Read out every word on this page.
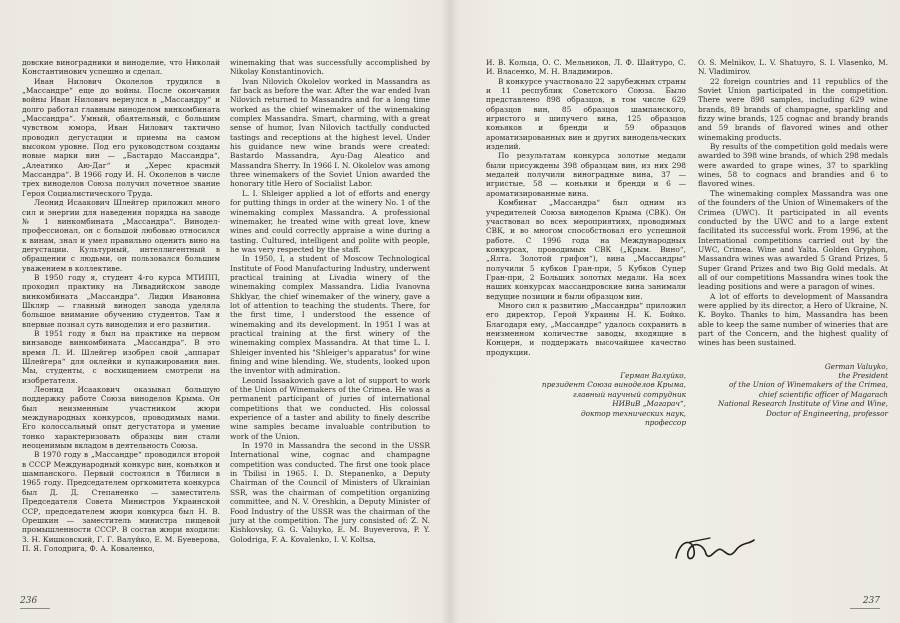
довские виноградники и виноделие, что Николай Константинович успешно и сделал.

Иван Нилович Околелов трудился в „Массандре“ еще до войны. После окончания войны Иван Нилович вернулся в „Массандру“ и долго работал главным виноделом винкомбината „Массандра“. Умный, обаятельный, с большим чувством юмора, Иван Нилович тактично проводил дегустации и приемы на самом высоком уровне. Под его руководством созданы новые марки вин — „Бастардо Массандра“, „Алеатико Аю-Даг“ и „Херес красный Массандра“. В 1966 году И. Н. Околелов в числе трех виноделов Союза получил почетное звание Героя Социалистического Труда.

Леонид Исаакович Шлейгер приложил много сил и энергии для наведения порядка на заводе № 1 винкомбината „Массандра“. Винодел-профессионал, он с большой любовью относился к винам, знал и умел правильно оценить вино на дегустации. Культурный, интеллигентный в обращении с людьми, он пользовался большим уважением в коллективе.

В 1950 году я, студент 4-го курса МТИПП, проходил практику на Ливадийском заводе винкомбината „Массандра“. Лидия Ивановна Шкляр — главный винодел завода уделяла большое внимание обучению студентов. Там я впервые познал суть виноделия и его развития.

В 1951 году я был на практике на первом винзаводе винкомбината „Массандра“. В это время Л. И. Шлейгер изобрел свой „аппарат Шлейгера“ для оклейки и купажирования вин. Мы, студенты, с восхищением смотрели на изобретателя.

Леонид Исаакович оказывал большую поддержку работе Союза виноделов Крыма. Он был неизменным участником жюри международных конкурсов, проводимых нами. Его колоссальный опыт дегустатора и умение тонко характеризовать образцы вин стали неоценимым вкладом в деятельность Союза.

В 1970 году в „Массандре“ проводился второй в СССР Международный конкурс вин, коньяков и шампанского. Первый состоялся в Тбилиси в 1965 году. Председателем оргкомитета конкурса был Д. Д. Степаненко — заместитель Председателя Совета Министров Украинской ССР, председателем жюри конкурса был Н. В. Орешкин — заместитель министра пищевой промышленности СССР. В состав жюри входили: З. Н. Кишковский, Г. Г. Валуйко, Е. М. Буеверова, П. Я. Голодрига, Ф. А. Коваленко,

winemaking that was successfully accomplished by Nikolay Konstantinovich.

Ivan Nilovich Okolelov worked in Massandra as far back as before the war. After the war ended Ivan Nilovich returned to Massandra and for a long time worked as the chief winemaker of the winemaking complex Massandra. Smart, charming, with a great sense of humor, Ivan Nilovich tactfully conducted tastings and receptions at the highest level. Under his guidance new wine brands were created: Bastardo Massandra, Ayu-Dag Aleatico and Massandra Sherry. In 1966 I. N. Okolelov was among three winemakers of the Soviet Union awarded the honorary title Hero of Socialist Labor.

L. I. Shleiger applied a lot of efforts and energy for putting things in order at the winery No. 1 of the winemaking complex Massandra. A professional winemaker, he treated wine with great love, knew wines and could correctly appraise a wine during a tasting. Cultured, intelligent and polite with people, he was very respected by the staff.

In 1950, I, a student of Moscow Technological Institute of Food Manufacturing Industry, underwent practical training at Livadia winery of the winemaking complex Massandra. Lidia Ivanovna Shklyar, the chief winemaker of the winery, gave a lot of attention to teaching the students. There, for the first time, I understood the essence of winemaking and its development. In 1951 I was at practical training at the first winery of the winemaking complex Massandra. At that time L. I. Shleiger invented his "Shleiger's apparatus" for wine fining and wine blending. We, students, looked upon the inventor with admiration.

Leonid Issaakovich gave a lot of support to work of the Union of Winemakers of the Crimea. He was a permanent participant of juries of international competitions that we conducted. His colossal experience of a taster and ability to finely describe wine samples became invaluable contribution to work of the Union.

In 1970 in Massandra the second in the USSR International wine, cognac and champagne competition was conducted. The first one took place in Tbilisi in 1965. I. D. Stepanenko, a Deputy Chairman of the Council of Ministers of Ukrainian SSR, was the chairman of competition organizing committee, and N. V. Oreshkin, a Deputy Minister of Food Industry of the USSR was the chairman of the jury at the competition. The jury consisted of: Z. N. Kishkovsky, G. G. Valuyko, E. M. Buyeverova, P. Y. Golodriga, F. A. Kovalenko, I. V. Koltsa,

236

И. В. Кольца, О. С. Мельников, Л. Ф. Шайтуро, С. И. Власенко, М. Н. Владимиров.

В конкурсе участвовало 22 зарубежных страны и 11 республик Советского Союза. Было представлено 898 образцов, в том числе 629 образцов вин, 85 образцов шампанского, игристого и шипучего вина, 125 образцов коньяков и бренди и 59 образцов ароматизированных вин и других винодельческих изделий.

По результатам конкурса золотые медали были присуждены 398 образцам вин, из них 298 медалей получили виноградные вина, 37 — игристые, 58 — коньяки и бренди и 6 — ароматизированные вина.

Комбинат „Массандра“ был одним из учредителей Союза виноделов Крыма (СВК). Он участвовал во всех мероприятиях, проводимых СВК, и во многом способствовал его успешной работе. С 1996 года на Международных конкурсах, проводимых СВК („Крым. Вино“, „Ялта. Золотой грифон“), вина „Массандры“ получили 5 кубков Гран-при, 5 Кубков Супер Гран-при, 2 Больших золотых медали. На всех наших конкурсах массандровские вина занимали ведущие позиции и были образцом вин.

Много сил к развитию „Массандры“ приложил его директор, Герой Украины Н. К. Бойко. Благодаря ему, „Массандре“ удалось сохранить в неизменном количестве заводы, входящие в Концерн, и поддержать высочайшее качество продукции.

Герман Валуйко,
президент Союза виноделов Крыма,
главный научный сотрудник
НИВиВ „Магарач“,
доктор технических наук,
профессор

O. S. Melnikov, L. V. Shatuyro, S. I. Vlasenko, M. N. Vladimirov.

22 foreign countries and 11 republics of the Soviet Union participated in the competition. There were 898 samples, including 629 wine brands, 89 brands of champagne, sparkling and fizzy wine brands, 125 cognac and brandy brands and 59 brands of flavored wines and other winemaking products.

By results of the competition gold medals were awarded to 398 wine brands, of which 298 medals were awarded to grape wines, 37 to sparkling wines, 58 to cognacs and brandies and 6 to flavored wines.

The winemaking complex Massandra was one of the founders of the Union of Winemakers of the Crimea (UWC). It participated in all events conducted by the UWC and to a large extent facilitated its successful work. From 1996, at the International competitions carried out by the UWC, Crimea. Wine and Yalta. Golden Gryphon, Massandra wines was awarded 5 Grand Prizes, 5 Super Grand Prizes and two Big Gold medals. At all of our competitions Massandra wines took the leading positions and were a paragon of wines.

A lot of efforts to development of Massandra were applied by its director, a Hero of Ukraine, N. K. Boyko. Thanks to him, Massandra has been able to keep the same number of wineries that are part of the Concern, and the highest quality of wines has been sustained.

German Valuyko,
the President
of the Union of Winemakers of the Crimea,
chief scientific officer of Magarach
National Research Institute of Vine and Wine,
Doctor of Engineering, professor
237
